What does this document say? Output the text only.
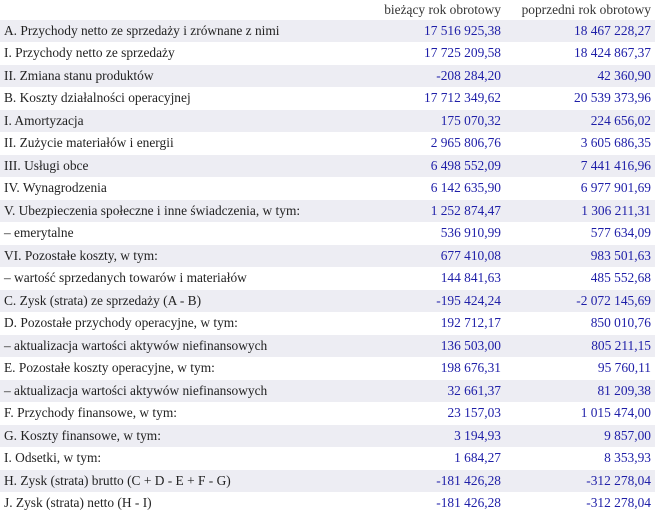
	bieżący rok obrotowy	poprzedni rok obrotowy
A. Przychody netto ze sprzedaży i zrównane z nimi	17 516 925,38	18 467 228,27
I. Przychody netto ze sprzedaży	17 725 209,58	18 424 867,37
II. Zmiana stanu produktów	-208 284,20	42 360,90
B. Koszty działalności operacyjnej	17 712 349,62	20 539 373,96
I. Amortyzacja	175 070,32	224 656,02
II. Zużycie materiałów i energii	2 965 806,76	3 605 686,35
III. Usługi obce	6 498 552,09	7 441 416,96
IV. Wynagrodzenia	6 142 635,90	6 977 901,69
V. Ubezpieczenia społeczne i inne świadczenia, w tym:	1 252 874,47	1 306 211,31
– emerytalne	536 910,99	577 634,09
VI. Pozostałe koszty, w tym:	677 410,08	983 501,63
– wartość sprzedanych towarów i materiałów	144 841,63	485 552,68
C. Zysk (strata) ze sprzedaży (A - B)	-195 424,24	-2 072 145,69
D. Pozostałe przychody operacyjne, w tym:	192 712,17	850 010,76
– aktualizacja wartości aktywów niefinansowych	136 503,00	805 211,15
E. Pozostałe koszty operacyjne, w tym:	198 676,31	95 760,11
– aktualizacja wartości aktywów niefinansowych	32 661,37	81 209,38
F. Przychody finansowe, w tym:	23 157,03	1 015 474,00
G. Koszty finansowe, w tym:	3 194,93	9 857,00
I. Odsetki, w tym:	1 684,27	8 353,93
H. Zysk (strata) brutto (C + D - E + F - G)	-181 426,28	-312 278,04
J. Zysk (strata) netto (H - I)	-181 426,28	-312 278,04
